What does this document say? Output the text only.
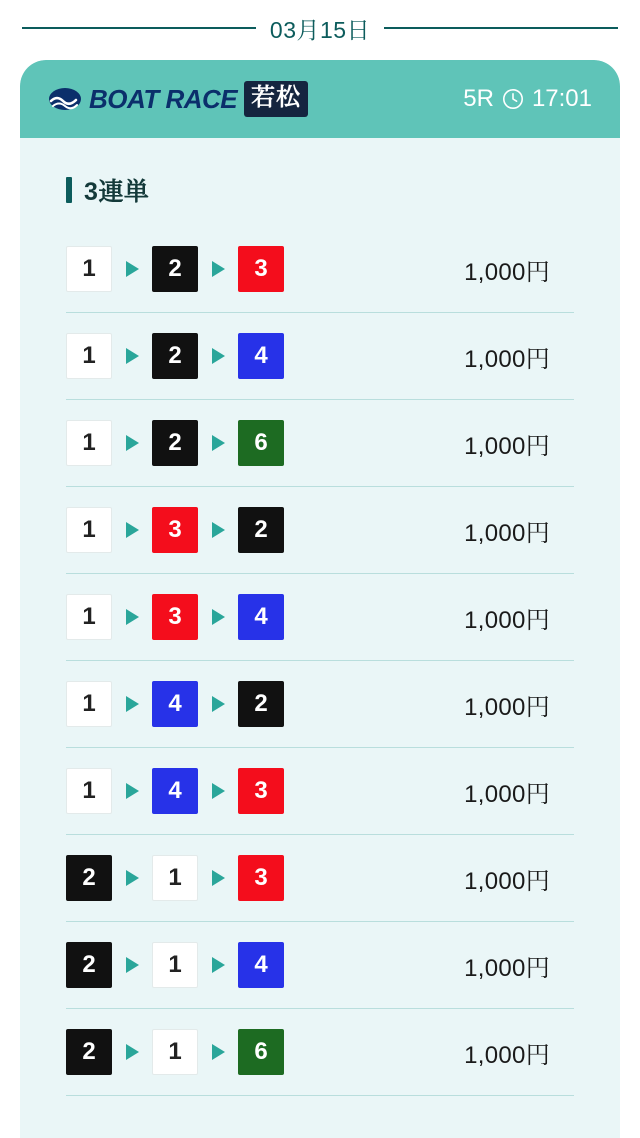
03月15日
BOAT RACE 若松	5R 17:01
3連単
1	2	3	1,000円
1	2	4	1,000円
1	2	6	1,000円
1	3	2	1,000円
1	3	4	1,000円
1	4	2	1,000円
1	4	3	1,000円
2	1	3	1,000円
2	1	4	1,000円
2	1	6	1,000円
